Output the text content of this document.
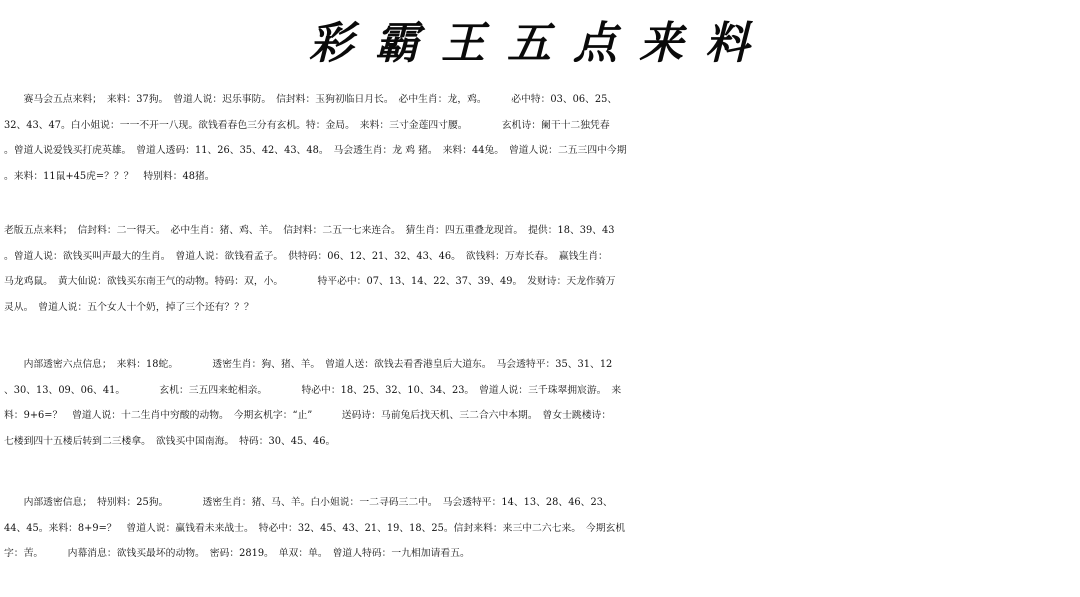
彩霸王五点来料
　　赛马会五点来料；　来料：37狗。　曾道人说：迟乐事防。　信封料：玉狗初临日月长。　必中生肖：龙，鸡。　　　必中特：03、06、25、
32、43、47。白小姐说：一一不开一八现。欲钱看春色三分有玄机。特：金局。　来料：三寸金莲四寸腰。　　　　玄机诗：阑干十二独凭春
。曾道人说爱钱买打虎英雄。　曾道人透码：11、26、35、42、43、48。　马会透生肖：龙 鸡 猪。　来料：44兔。　曾道人说：二五三四中今期
。来料：11鼠+45虎=？？？　特别料：48猪。
老版五点来料；　信封料：二一得天。　必中生肖：猪、鸡、羊。　信封料：二五一七来连合。　猜生肖：四五重叠龙现首。　提供：18、39、43
。曾道人说：欲钱买叫声最大的生肖。　曾道人说：欲钱看孟子。　供特码：06、12、21、32、43、46。　欲钱料：万寿长春。　赢钱生肖：
马龙鸡鼠。　黄大仙说：欲钱买东南王气的动物。特码：双，小。　　　　特平必中：07、13、14、22、37、39、49。　发财诗：天龙作骑万
灵从。　曾道人说：五个女人十个奶，掉了三个还有？？？
　　内部透密六点信息；　来料：18蛇。　　　　透密生肖：狗、猪、羊。　曾道人送：欲钱去看香港皇后大道东。　马会透特平：35、31、12
、30、13、09、06、41。　　　　玄机：三五四来蛇相亲。　　　　特必中：18、25、32、10、34、23。　曾道人说：三千珠翠拥宸游。　来
料：9+6=？　曾道人说：十二生肖中穷酸的动物。　今期玄机字：“止”　　　送码诗：马前兔后找天机、三二合六中本期。　曾女士跳楼诗：
七楼到四十五楼后转到二三楼拿。　欲钱买中国南海。　特码：30、45、46。
　　内部透密信息；　特别料：25狗。　　　　透密生肖：猪、马、羊。白小姐说：一二寻码三二中。　马会透特平：14、13、28、46、23、
44、45。来料：8+9=？　曾道人说：赢钱看未来战士。　特必中：32、45、43、21、19、18、25。信封来料：来三中二六七来。　今期玄机
字：苦。　　　内幕消息：欲钱买最坏的动物。　密码：2819。　单双：单。　曾道人特码：一九相加请看五。
